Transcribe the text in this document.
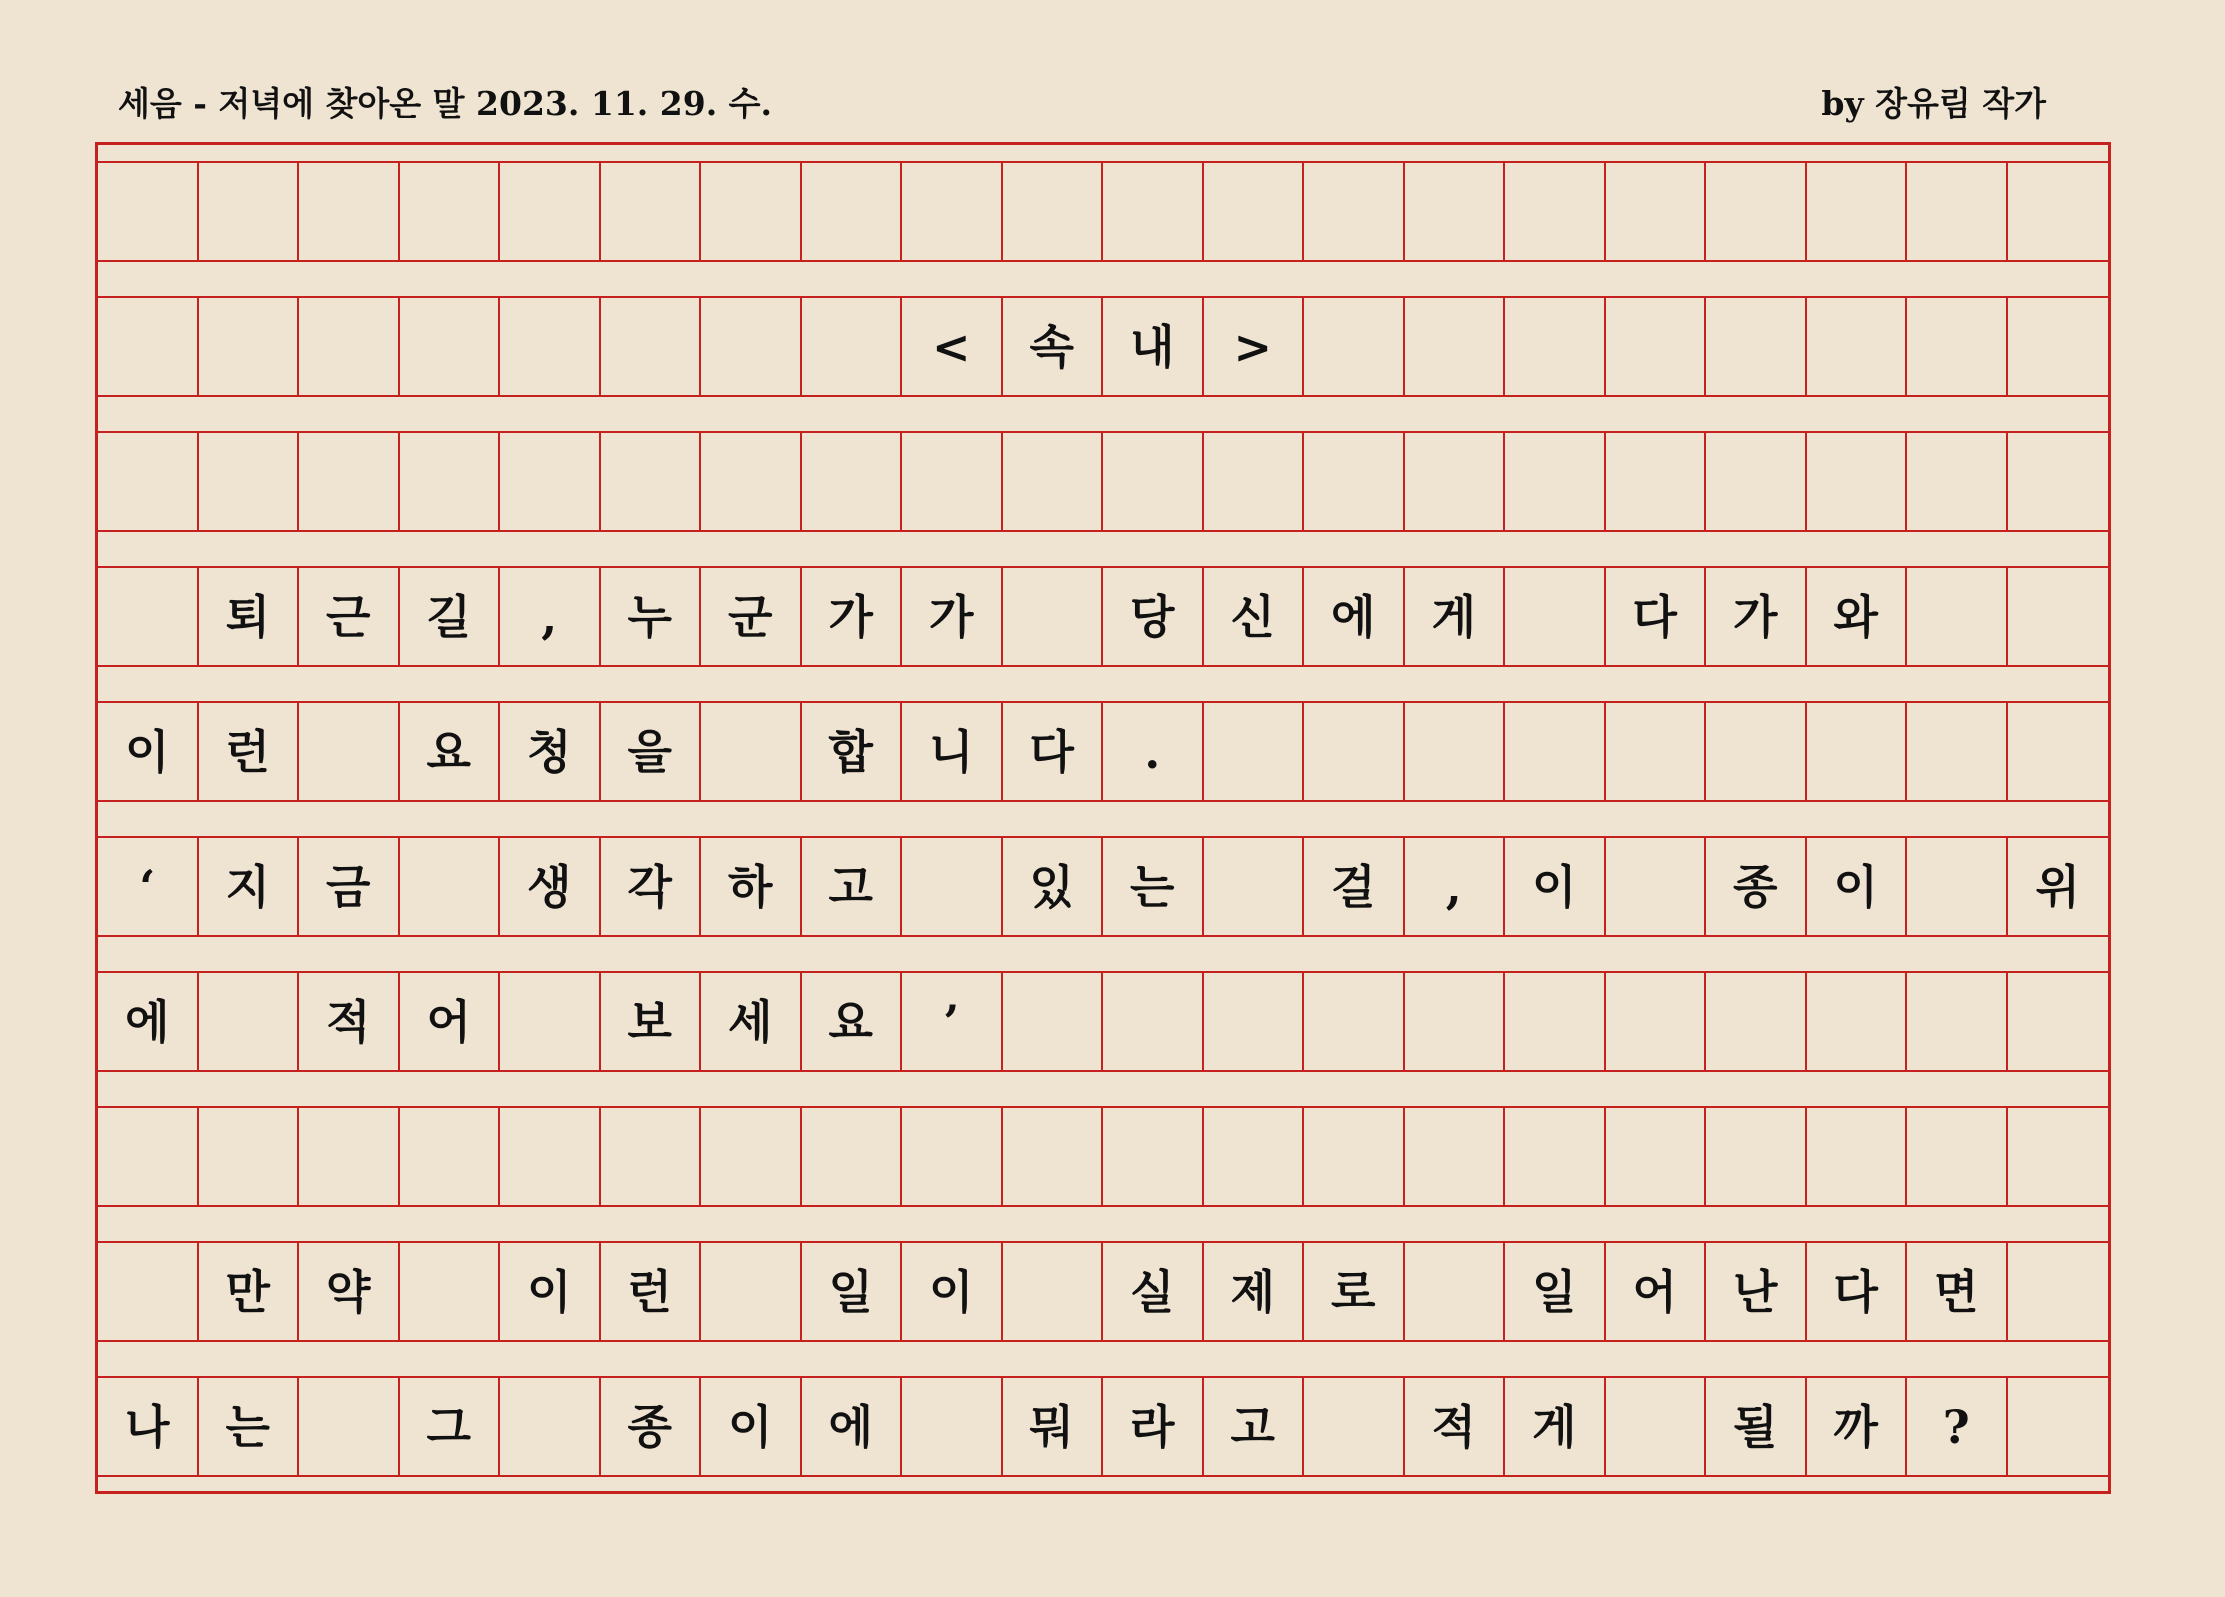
세음 - 저녁에 찾아온 말 2023. 11. 29. 수.	by 장유림 작가
<	속	내	>
퇴	근	길	,	누	군	가	가	당	신	에	게	다	가	와
이	런	요	청	을	합	니	다	.
‘	지	금	생	각	하	고	있	는	걸	,	이	종	이	위
에	적	어	보	세	요	’
만	약	이	런	일	이	실	제	로	일	어	난	다	면
나	는	그	종	이	에	뭐	라	고	적	게	될	까	?
